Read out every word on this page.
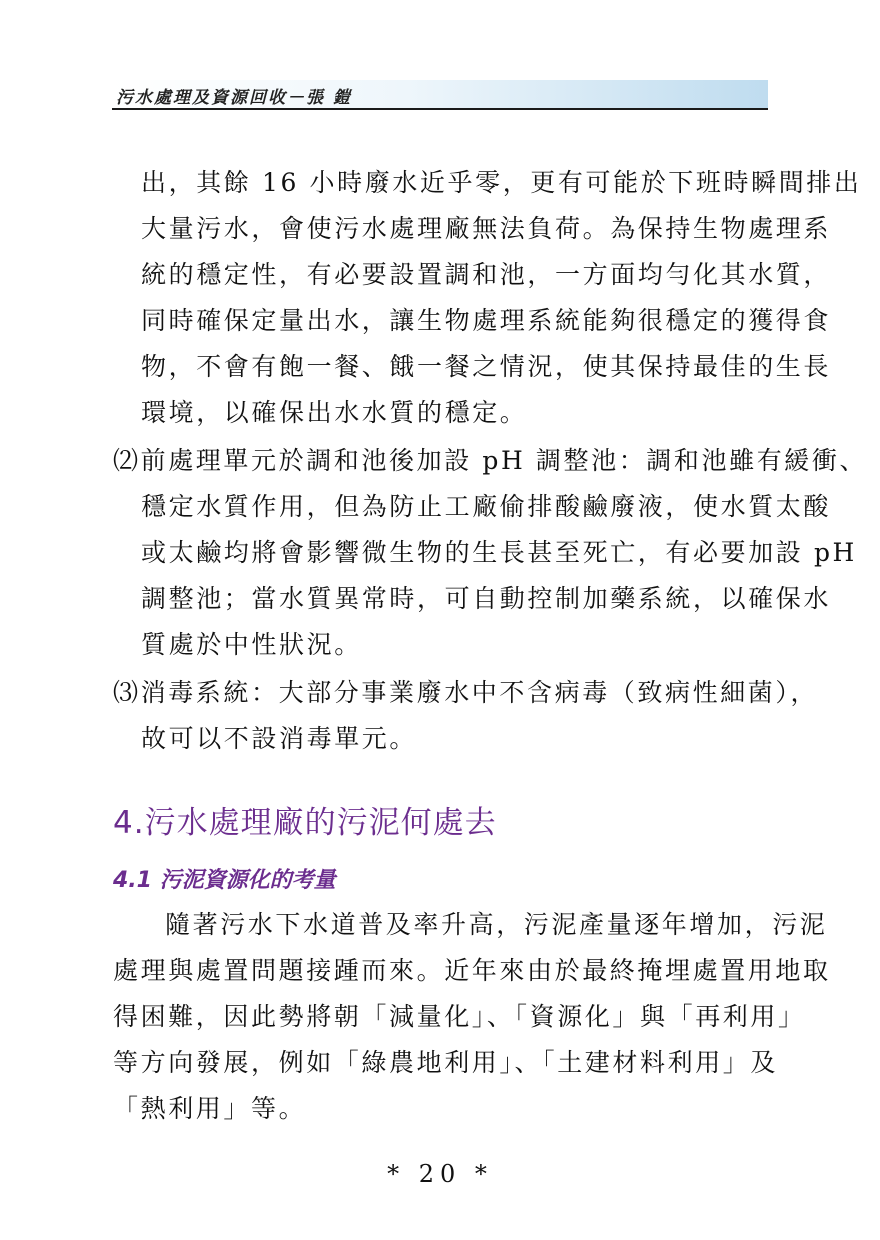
污水處理及資源回收－張 鎧
出，其餘 16 小時廢水近乎零，更有可能於下班時瞬間排出
大量污水，會使污水處理廠無法負荷。為保持生物處理系
統的穩定性，有必要設置調和池，一方面均勻化其水質，
同時確保定量出水，讓生物處理系統能夠很穩定的獲得食
物，不會有飽一餐、餓一餐之情況，使其保持最佳的生長
環境，以確保出水水質的穩定。
⑵前處理單元於調和池後加設 pH 調整池：調和池雖有緩衝、
穩定水質作用，但為防止工廠偷排酸鹼廢液，使水質太酸
或太鹼均將會影響微生物的生長甚至死亡，有必要加設 pH
調整池；當水質異常時，可自動控制加藥系統，以確保水
質處於中性狀況。
⑶消毒系統：大部分事業廢水中不含病毒（致病性細菌），
故可以不設消毒單元。
4.污水處理廠的污泥何處去
4.1 污泥資源化的考量
隨著污水下水道普及率升高，污泥產量逐年增加，污泥
處理與處置問題接踵而來。近年來由於最終掩埋處置用地取
得困難，因此勢將朝「減量化」、「資源化」與「再利用」
等方向發展，例如「綠農地利用」、「土建材料利用」及
「熱利用」等。
* 20 *
